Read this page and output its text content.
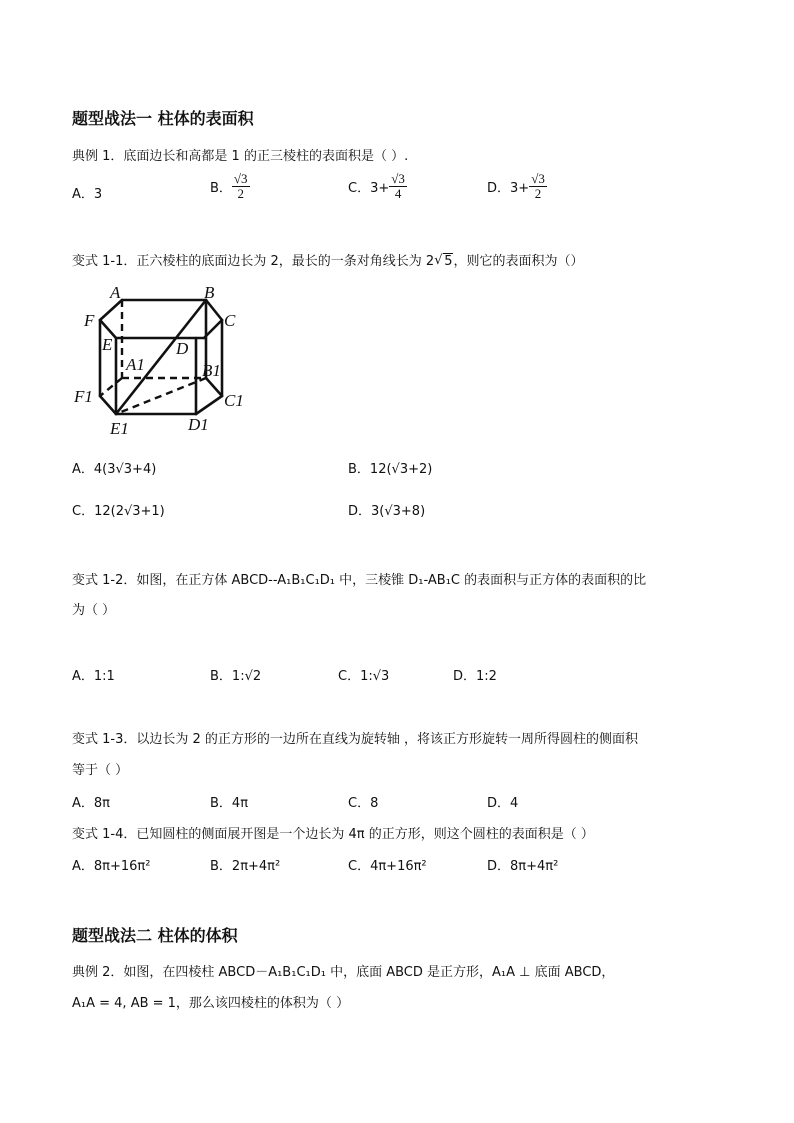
题型战法一 柱体的表面积
典例 1．底面边长和高都是 1 的正三棱柱的表面积是（ ）.
A．3	B． $\frac{√3}{2}$	C．$3+ \frac{√3}{4}$	D．$3+ \frac{√3}{2}$
变式 1-1．正六棱柱的底面边长为 2，最长的一条对角线长为 2√ 5，则它的表面积为（）
A	B
F	C
E	D
A1	B1
F1	C1
E1	D1
A．4(3√3+4)	B．12(√3+2)
C．12(2√3+1)	D．3(√3+8)
变式 1-2．如图，在正方体 ABCD--A₁B₁C₁D₁ 中，三棱锥 D₁-AB₁C 的表面积与正方体的表面积的比
为（ ）
A．1:1	B．1:√2	C．1:√3	D．1:2
变式 1-3．以边长为 2 的正方形的一边所在直线为旋转轴 ，将该正方形旋转一周所得圆柱的侧面积
等于（ ）
A．8π	B．4π	C．8	D．4
变式 1-4．已知圆柱的侧面展开图是一个边长为 4π 的正方形，则这个圆柱的表面积是（ ）
A．8π+16π²	B．2π+4π²	C．4π+16π²	D．8π+4π²
题型战法二 柱体的体积
典例 2．如图，在四棱柱 ABCD－A₁B₁C₁D₁ 中，底面 ABCD 是正方形，A₁A ⊥ 底面 ABCD，
A₁A = 4, AB = 1，那么该四棱柱的体积为（ ）
